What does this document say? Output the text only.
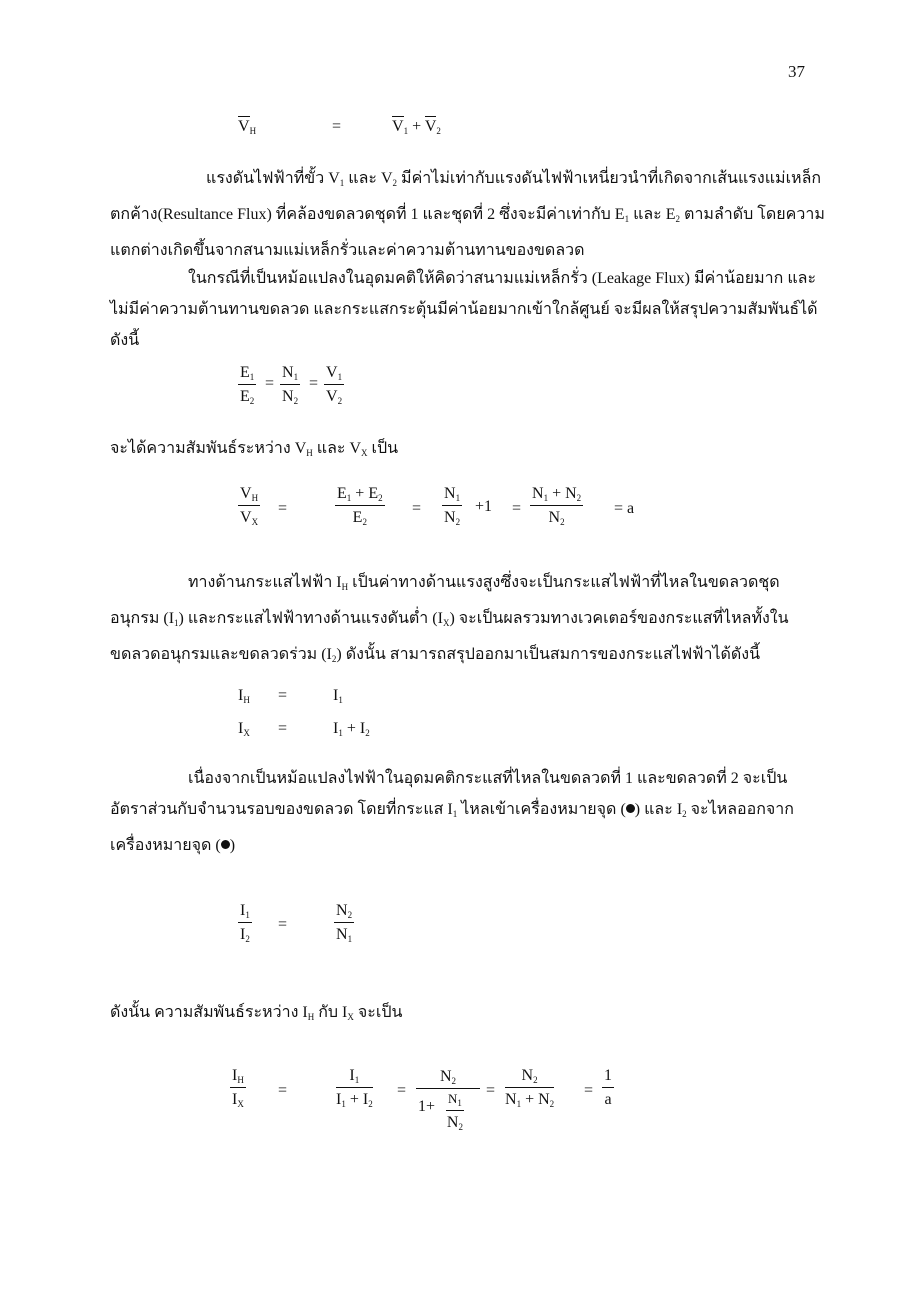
37
$V_H$	=	$V_1 + V_2$
แรงดันไฟฟ้าที่ขั้ว $V_1$ และ $V_2$ มีค่าไม่เท่ากับแรงดันไฟฟ้าเหนี่ยวนำที่เกิดจากเส้นแรงแม่เหล็ก
ตกค้าง(Resultance Flux) ที่คล้องขดลวดชุดที่ 1 และชุดที่ 2 ซึ่งจะมีค่าเท่ากับ $E_1$ และ $E_2$ ตามลำดับ โดยความ
แตกต่างเกิดขึ้นจากสนามแม่เหล็กรั่วและค่าความต้านทานของขดลวด
ในกรณีที่เป็นหม้อแปลงในอุดมคติให้คิดว่าสนามแม่เหล็กรั่ว (Leakage Flux) มีค่าน้อยมาก และ
ไม่มีค่าความต้านทานขดลวด และกระแสกระตุ้นมีค่าน้อยมากเข้าใกล้ศูนย์ จะมีผลให้สรุปความสัมพันธ์ได้
ดังนี้
$\frac{E_1}{E_2} = \frac{N_1}{N_2} = \frac{V_1}{V_2}$
จะได้ความสัมพันธ์ระหว่าง $V_H$ และ $V_X$ เป็น
$\frac{V_H}{V_X}$ =	$\frac{E_1 + E_2}{E_2} = \frac{N_1}{N_2} +1 = \frac{N_1 + N_2}{N_2} = a$
ทางด้านกระแสไฟฟ้า $I_H$ เป็นค่าทางด้านแรงสูงซึ่งจะเป็นกระแสไฟฟ้าที่ไหลในขดลวดชุด
อนุกรม $(I_1)$ และกระแสไฟฟ้าทางด้านแรงดันต่ำ $(I_X)$ จะเป็นผลรวมทางเวคเตอร์ของกระแสที่ไหลทั้งใน
ขดลวดอนุกรมและขดลวดร่วม $(I_2)$ ดังนั้น สามารถสรุปออกมาเป็นสมการของกระแสไฟฟ้าได้ดังนี้
$I_H$ =	$I_1$
$I_X$ =	$I_1 + I_2$
เนื่องจากเป็นหม้อแปลงไฟฟ้าในอุดมคติกระแสที่ไหลในขดลวดที่ 1 และขดลวดที่ 2 จะเป็น
อัตราส่วนกับจำนวนรอบของขดลวด โดยที่กระแส $I_1$ ไหลเข้าเครื่องหมายจุด ( ) และ $I_2$ จะไหลออกจาก
เครื่องหมายจุด ( )
$\frac{I_1}{I_2}$ =	$\frac{N_2}{N_1}$
ดังนั้น ความสัมพันธ์ระหว่าง $I_H$ กับ $I_X$ จะเป็น
$\frac{I_H}{I_X}$ =	$\frac{I_1}{I_1 + I_2}$ =
$N_2$
$1+ N_1$
$N_2$
= $\frac{N_2}{N_1 + N_2} = \frac{1}{a}$
